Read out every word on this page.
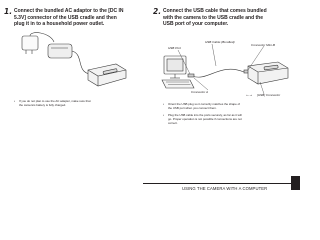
1. Connect the bundled AC adaptor to the [DC IN
5.3V] connector of the USB cradle and then
plug it in to a household power outlet.
• If you do not plan to use the AC adaptor, make sure that
the camera's battery is fully charged.
2. Connect the USB cable that comes bundled
with the camera to the USB cradle and the
USB port of your computer.
USB Cable (Bundled)
USB Port
Connector Mini-B
Connector A
⭠·⭢ [USB] Connector
• Orient the USB plug so it correctly matches the shape of
the USB port when you connect them.
• Plug the USB cable into the ports securely, as far as it will
go. Proper operation is not possible if connections are not
correct.
USING THE CAMERA WITH A COMPUTER
